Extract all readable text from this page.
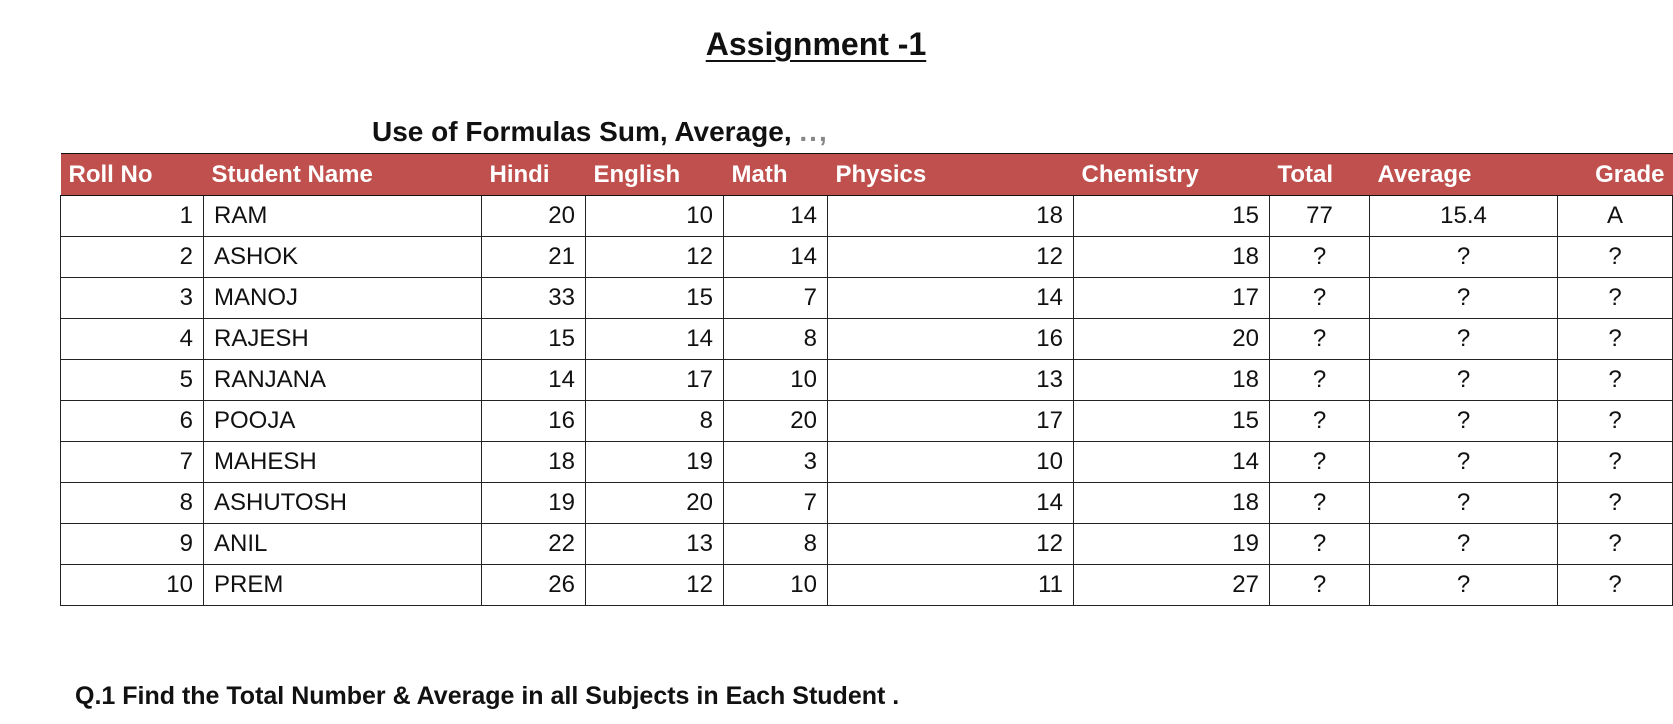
Assignment -1
Use of Formulas Sum, Average, ..,
Roll No	Student Name	Hindi	English	Math	Physics	Chemistry	Total	Average	Grade
1	RAM	20	10	14	18	15	77	15.4	A
2	ASHOK	21	12	14	12	18	?	?	?
3	MANOJ	33	15	7	14	17	?	?	?
4	RAJESH	15	14	8	16	20	?	?	?
5	RANJANA	14	17	10	13	18	?	?	?
6	POOJA	16	8	20	17	15	?	?	?
7	MAHESH	18	19	3	10	14	?	?	?
8	ASHUTOSH	19	20	7	14	18	?	?	?
9	ANIL	22	13	8	12	19	?	?	?
10	PREM	26	12	10	11	27	?	?	?
Q.1 Find the Total Number & Average in all Subjects in Each Student .
